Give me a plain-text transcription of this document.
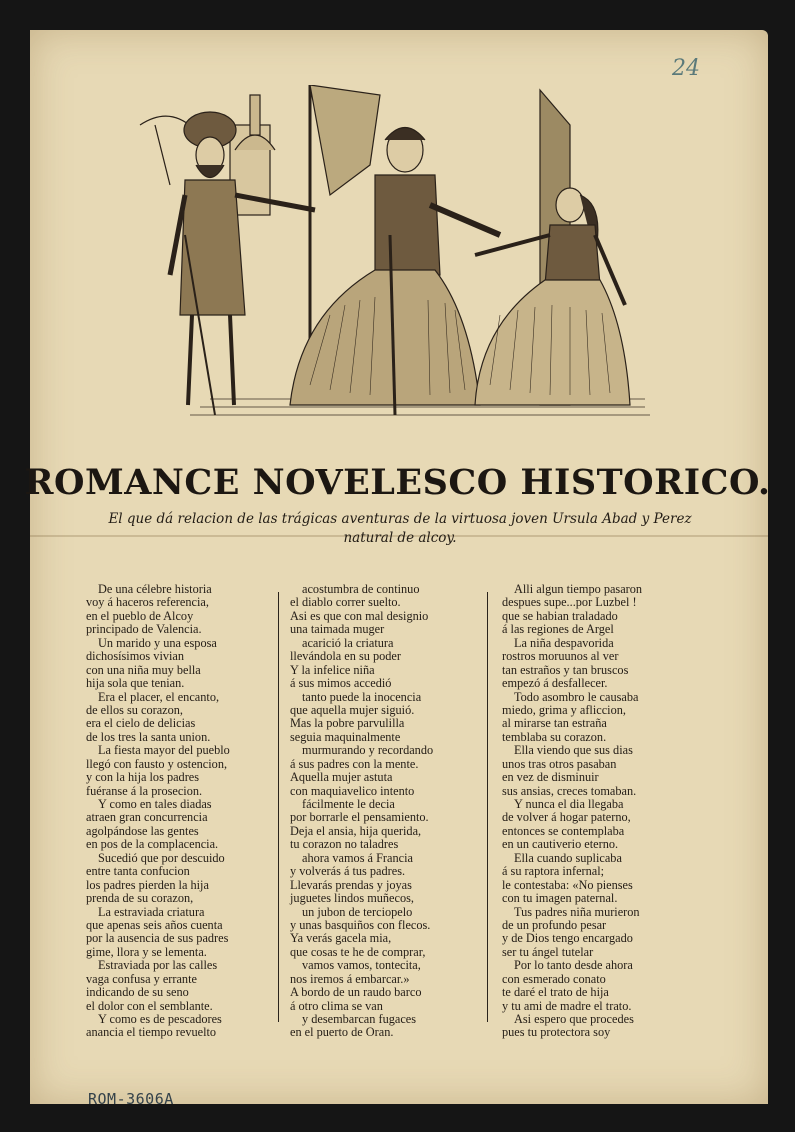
24
ROMANCE NOVELESCO HISTORICO.
El que dá relacion de las trágicas aventuras de la virtuosa joven Ursula Abad y Perez natural de alcoy.
De una célebre historia
voy á haceros referencia,
en el pueblo de Alcoy
principado de Valencia.
Un marido y una esposa
dichosísimos vivian
con una niña muy bella
hija sola que tenian.
Era el placer, el encanto,
de ellos su corazon,
era el cielo de delicias
de los tres la santa union.
La fiesta mayor del pueblo
llegó con fausto y ostencion,
y con la hija los padres
fuéranse á la prosecion.
Y como en tales diadas
atraen gran concurrencia
agolpándose las gentes
en pos de la complacencia.
Sucedió que por descuido
entre tanta confucion
los padres pierden la hija
prenda de su corazon,
La estraviada criatura
que apenas seis años cuenta
por la ausencia de sus padres
gime, llora y se lementa.
Estraviada por las calles
vaga confusa y errante
indicando de su seno
el dolor con el semblante.
Y como es de pescadores
anancia el tiempo revuelto
acostumbra de continuo
el diablo correr suelto.
Asi es que con mal designio
una taimada muger
acarició la criatura
llevándola en su poder
Y la infelice niña
á sus mimos accedió
tanto puede la inocencia
que aquella mujer siguió.
Mas la pobre parvulilla
seguia maquinalmente
murmurando y recordando
á sus padres con la mente.
Aquella mujer astuta
con maquiavelico intento
fácilmente le decia
por borrarle el pensamiento.
Deja el ansia, hija querida,
tu corazon no taladres
ahora vamos á Francia
y volverás á tus padres.
Llevarás prendas y joyas
juguetes lindos muñecos,
un jubon de terciopelo
y unas basquiños con flecos.
Ya verás gacela mia,
que cosas te he de comprar,
vamos vamos, tontecita,
nos iremos á embarcar.»
A bordo de un raudo barco
á otro clima se van
y desembarcan fugaces
en el puerto de Oran.
Alli algun tiempo pasaron
despues supe...por Luzbel !
que se habian traladado
á las regiones de Argel
La niña despavorida
rostros moruunos al ver
tan estraños y tan bruscos
empezó á desfallecer.
Todo asombro le causaba
miedo, grima y afliccion,
al mirarse tan estraña
temblaba su corazon.
Ella viendo que sus dias
unos tras otros pasaban
en vez de disminuir
sus ansias, creces tomaban.
Y nunca el dia llegaba
de volver á hogar paterno,
entonces se contemplaba
en un cautiverio eterno.
Ella cuando suplicaba
á su raptora infernal;
le contestaba: «No pienses
con tu imagen paternal.
Tus padres niña murieron
de un profundo pesar
y de Dios tengo encargado
ser tu ángel tutelar
Por lo tanto desde ahora
con esmerado conato
te daré el trato de hija
y tu ami de madre el trato.
Asi espero que procedes
pues tu protectora soy
ROM-3606A
